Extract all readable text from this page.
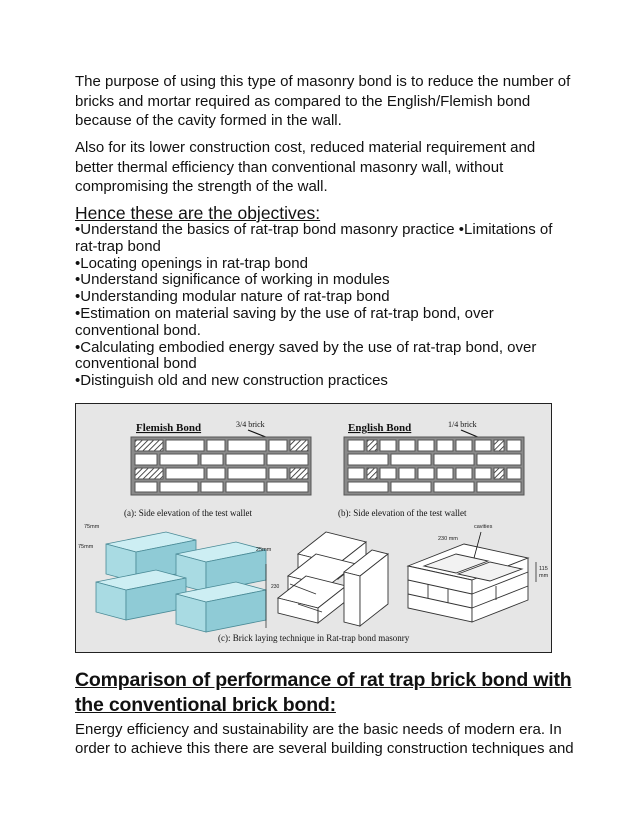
The purpose of using this type of masonry bond is to reduce the number of bricks and mortar required as compared to the English/Flemish bond because of the cavity formed in the wall.

Also for its lower construction cost, reduced material requirement and better thermal efficiency than conventional masonry wall, without compromising the strength of the wall.

Hence these are the objectives:

•Understand the basics of rat-trap bond masonry practice •Limitations of rat-trap bond
•Locating openings in rat-trap bond
•Understand significance of working in modules
•Understanding modular nature of rat-trap bond
•Estimation on material saving by the use of rat-trap bond, over conventional bond.
•Calculating embodied energy saved by the use of rat-trap bond, over conventional bond
•Distinguish old and new construction practices
Flemish Bond	3/4 brick
(a): Side elevation of the test wallet
English Bond	1/4 brick
(b): Side elevation of the test wallet
75mm
75mm	25mm
230
cavities
230 mm
115
mm
(c): Brick laying technique in Rat-trap bond masonry
Comparison of performance of rat trap brick bond with the conventional brick bond:

Energy efficiency and sustainability are the basic needs of modern era. In order to achieve this there are several building construction techniques and
